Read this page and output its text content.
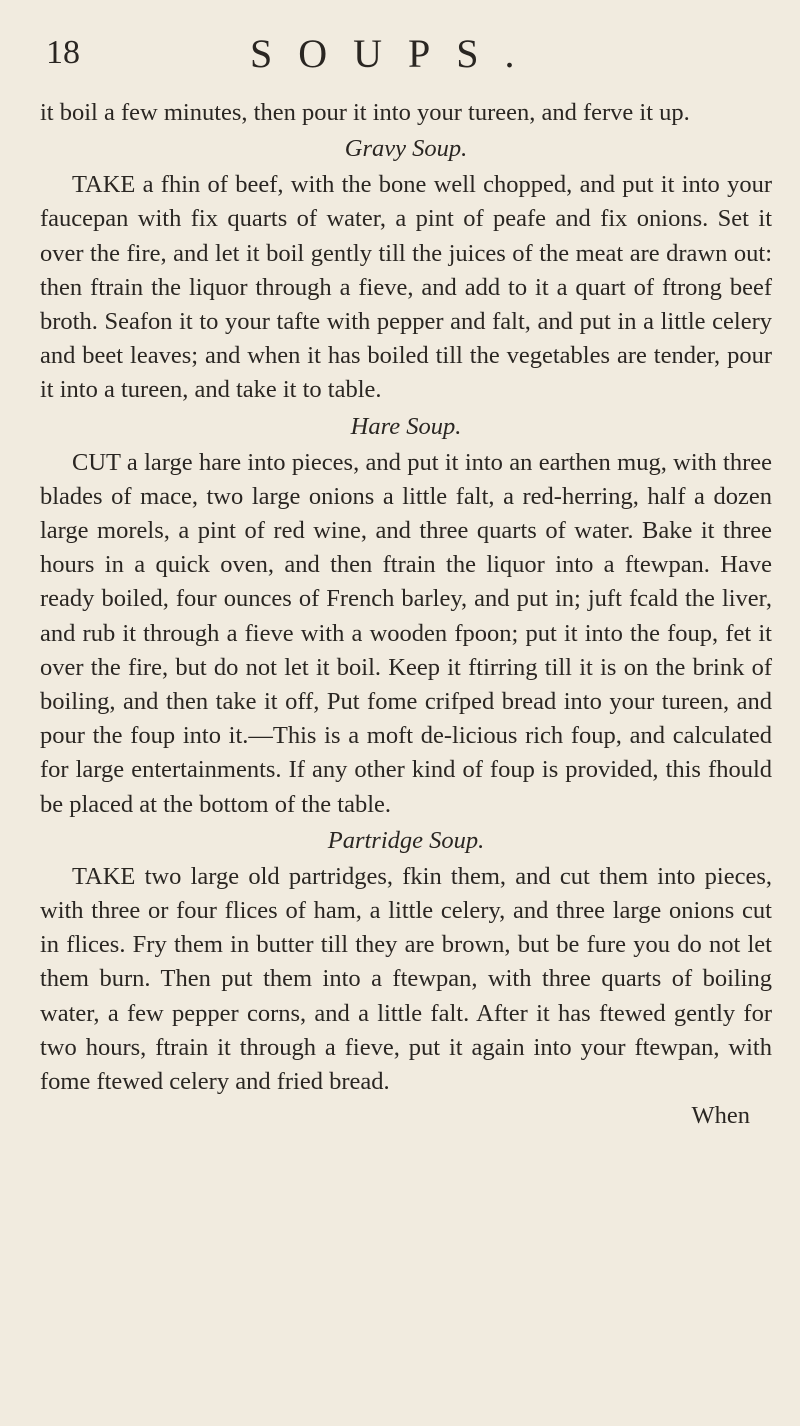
18	SOUPS.

it boil a few minutes, then pour it into your tureen, and ferve it up.

Gravy Soup.

TAKE a fhin of beef, with the bone well chopped, and put it into your faucepan with fix quarts of water, a pint of peafe and fix onions. Set it over the fire, and let it boil gently till the juices of the meat are drawn out: then ftrain the liquor through a fieve, and add to it a quart of ftrong beef broth. Seafon it to your tafte with pepper and falt, and put in a little celery and beet leaves; and when it has boiled till the vegetables are tender, pour it into a tureen, and take it to table.

Hare Soup.

CUT a large hare into pieces, and put it into an earthen mug, with three blades of mace, two large onions a little falt, a red-herring, half a dozen large morels, a pint of red wine, and three quarts of water. Bake it three hours in a quick oven, and then ftrain the liquor into a ftewpan. Have ready boiled, four ounces of French barley, and put in; juft fcald the liver, and rub it through a fieve with a wooden fpoon; put it into the foup, fet it over the fire, but do not let it boil. Keep it ftirring till it is on the brink of boiling, and then take it off, Put fome crifped bread into your tureen, and pour the foup into it.—This is a moft de-licious rich foup, and calculated for large entertainments. If any other kind of foup is provided, this fhould be placed at the bottom of the table.

Partridge Soup.

TAKE two large old partridges, fkin them, and cut them into pieces, with three or four flices of ham, a little celery, and three large onions cut in flices. Fry them in butter till they are brown, but be fure you do not let them burn. Then put them into a ftewpan, with three quarts of boiling water, a few pepper corns, and a little falt. After it has ftewed gently for two hours, ftrain it through a fieve, put it again into your ftewpan, with fome ftewed celery and fried bread.

When
